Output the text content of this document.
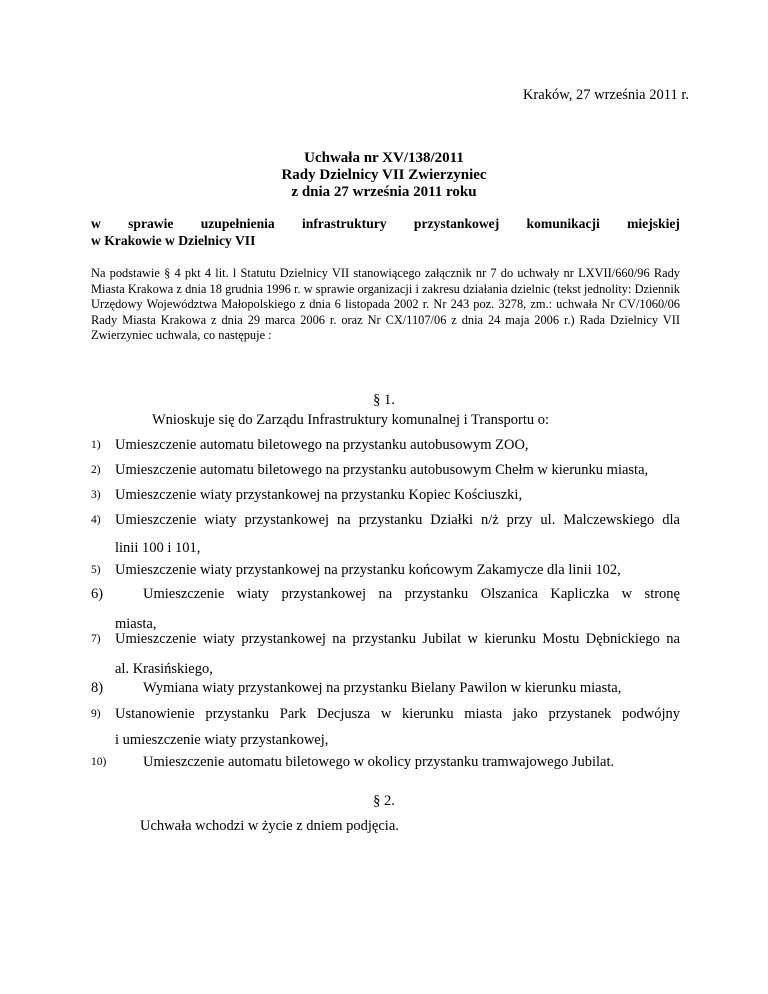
Kraków, 27 września 2011 r.
Uchwała nr XV/138/2011
Rady Dzielnicy VII Zwierzyniec
z dnia 27 września 2011 roku
w sprawie uzupełnienia infrastruktury przystankowej komunikacji miejskiej
w Krakowie w Dzielnicy VII
Na podstawie § 4 pkt 4 lit. l Statutu Dzielnicy VII stanowiącego załącznik nr 7 do uchwały nr LXVII/660/96 Rady Miasta Krakowa z dnia 18 grudnia 1996 r. w sprawie organizacji i zakresu działania dzielnic (tekst jednolity: Dziennik Urzędowy Województwa Małopolskiego z dnia 6 listopada 2002 r. Nr 243 poz. 3278, zm.: uchwała Nr CV/1060/06 Rady Miasta Krakowa z dnia 29 marca 2006 r. oraz Nr CX/1107/06 z dnia 24 maja 2006 r.) Rada Dzielnicy VII Zwierzyniec uchwala, co następuje :
§ 1.
Wnioskuje się do Zarządu Infrastruktury komunalnej i Transportu o:
1) Umieszczenie automatu biletowego na przystanku autobusowym ZOO,
2) Umieszczenie automatu biletowego na przystanku autobusowym Chełm w kierunku miasta,
3) Umieszczenie wiaty przystankowej na przystanku Kopiec Kościuszki,
4) Umieszczenie wiaty przystankowej na przystanku Działki n/ż przy ul. Malczewskiego dla
linii 100 i 101,
5) Umieszczenie wiaty przystankowej na przystanku końcowym Zakamycze dla linii 102,
6)	Umieszczenie wiaty przystankowej na przystanku Olszanica Kapliczka w stronę
miasta,
7) Umieszczenie wiaty przystankowej na przystanku Jubilat w kierunku Mostu Dębnickiego na
al. Krasińskiego,
8)	Wymiana wiaty przystankowej na przystanku Bielany Pawilon w kierunku miasta,
9) Ustanowienie przystanku Park Decjusza w kierunku miasta jako przystanek podwójny
i umieszczenie wiaty przystankowej,
10)	Umieszczenie automatu biletowego w okolicy przystanku tramwajowego Jubilat.
§ 2.
Uchwała wchodzi w życie z dniem podjęcia.
